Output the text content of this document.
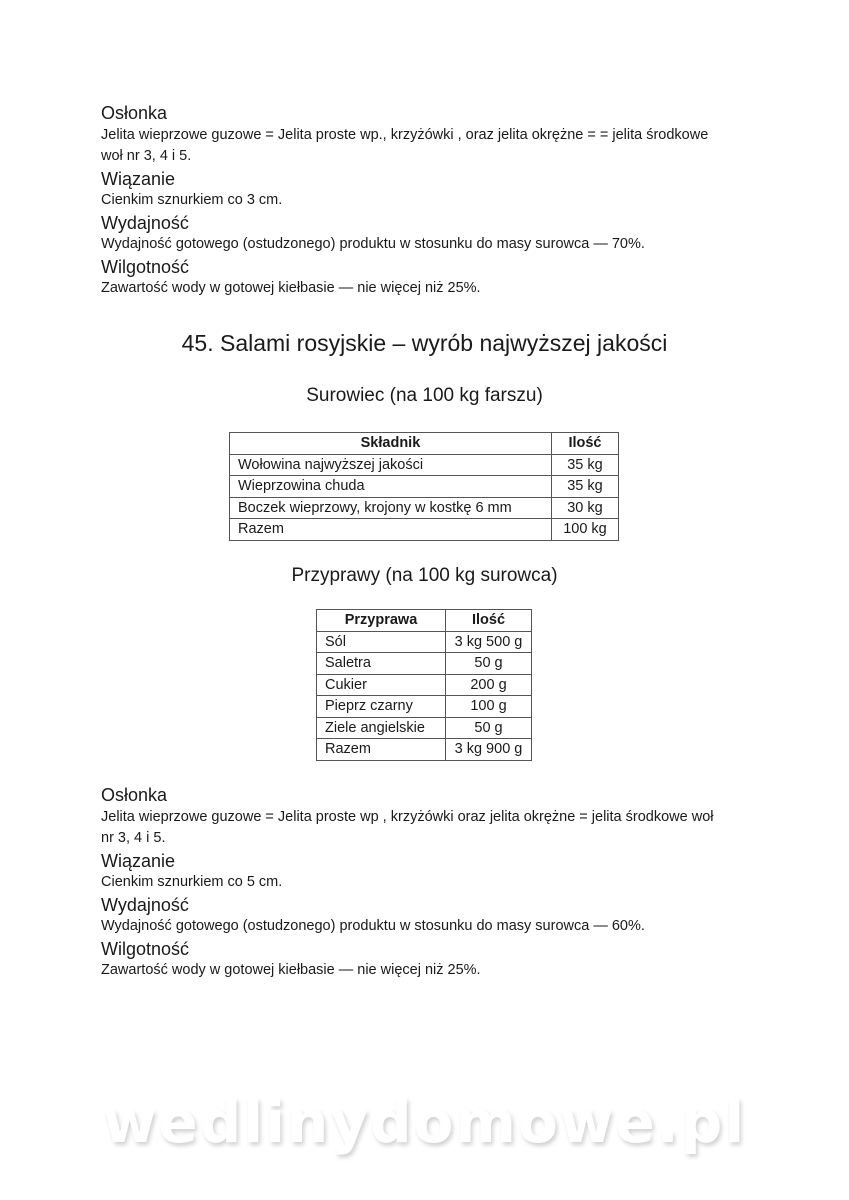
Osłonka

Jelita wieprzowe guzowe = Jelita proste wp., krzyżówki , oraz jelita okrężne = = jelita środkowe woł nr 3, 4 i 5.

Wiązanie

Cienkim sznurkiem co 3 cm.

Wydajność

Wydajność gotowego (ostudzonego) produktu w stosunku do masy surowca — 70%.

Wilgotność

Zawartość wody w gotowej kiełbasie — nie więcej niż 25%.

45. Salami rosyjskie – wyrób najwyższej jakości
Surowiec (na 100 kg farszu)
Składnik	Ilość
Wołowina najwyższej jakości	35 kg
Wieprzowina chuda	35 kg
Boczek wieprzowy, krojony w kostkę 6 mm	30 kg
Razem	100 kg
Przyprawy (na 100 kg surowca)
Przyprawa	Ilość
Sól	3 kg 500 g
Saletra	50 g
Cukier	200 g
Pieprz czarny	100 g
Ziele angielskie	50 g
Razem	3 kg 900 g
Osłonka

Jelita wieprzowe guzowe = Jelita proste wp , krzyżówki oraz jelita okrężne = jelita środkowe woł nr 3, 4 i 5.

Wiązanie

Cienkim sznurkiem co 5 cm.

Wydajność

Wydajność gotowego (ostudzonego) produktu w stosunku do masy surowca — 60%.

Wilgotność

Zawartość wody w gotowej kiełbasie — nie więcej niż 25%.

wedlinydomowe.pl
